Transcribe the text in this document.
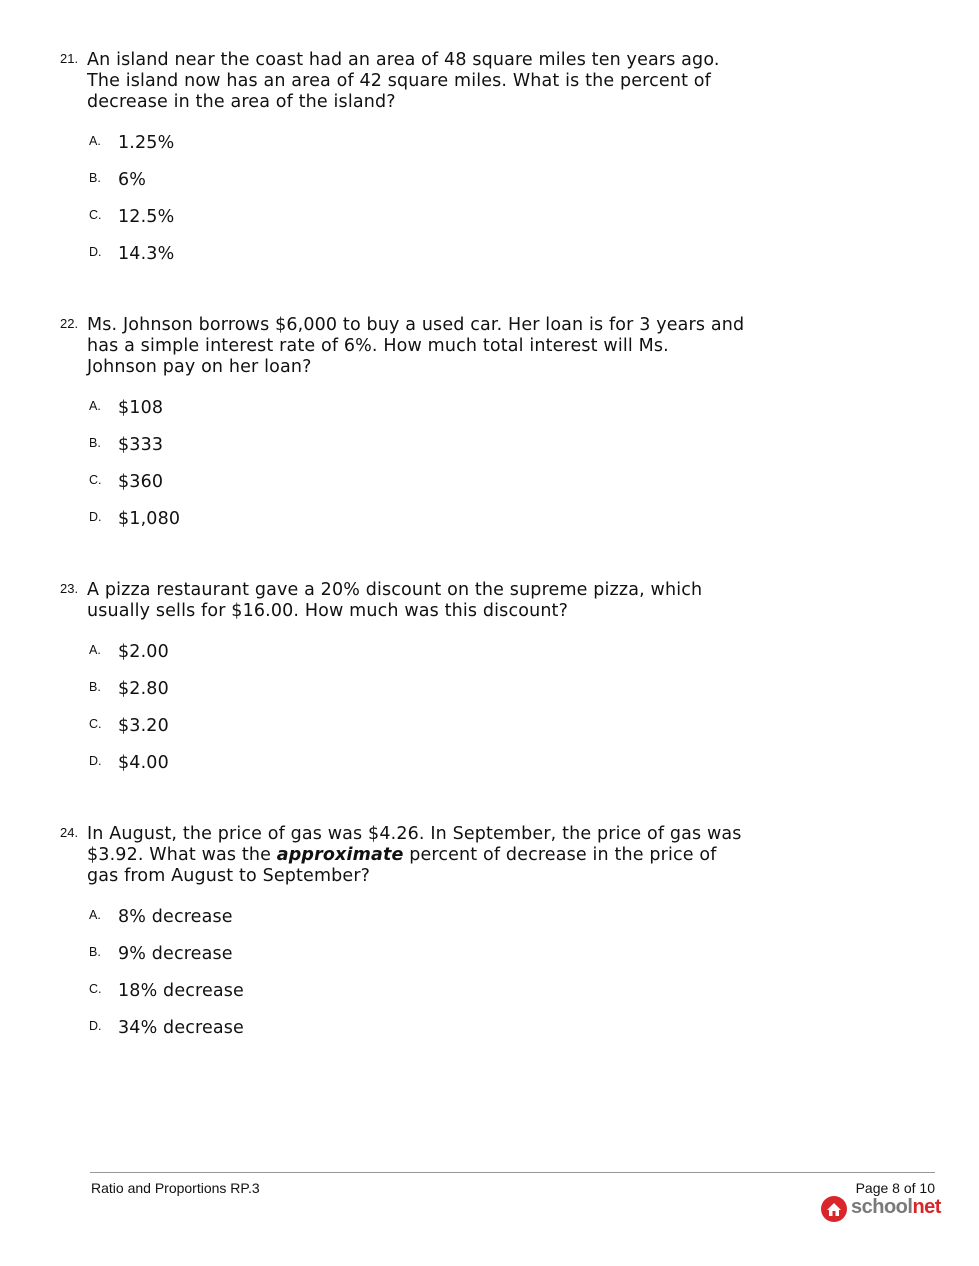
21. An island near the coast had an area of 48 square miles ten years ago.
The island now has an area of 42 square miles. What is the percent of
decrease in the area of the island?
A. 1.25%
B. 6%
C. 12.5%
D. 14.3%
22. Ms. Johnson borrows $6,000 to buy a used car. Her loan is for 3 years and
has a simple interest rate of 6%. How much total interest will Ms.
Johnson pay on her loan?
A. $108
B. $333
C. $360
D. $1,080
23. A pizza restaurant gave a 20% discount on the supreme pizza, which
usually sells for $16.00. How much was this discount?
A. $2.00
B. $2.80
C. $3.20
D. $4.00
24. In August, the price of gas was $4.26. In September, the price of gas was
$3.92. What was the approximate percent of decrease in the price of
gas from August to September?
A. 8% decrease
B. 9% decrease
C. 18% decrease
D. 34% decrease
Ratio and Proportions RP.3	Page 8 of 10
schoolnet
